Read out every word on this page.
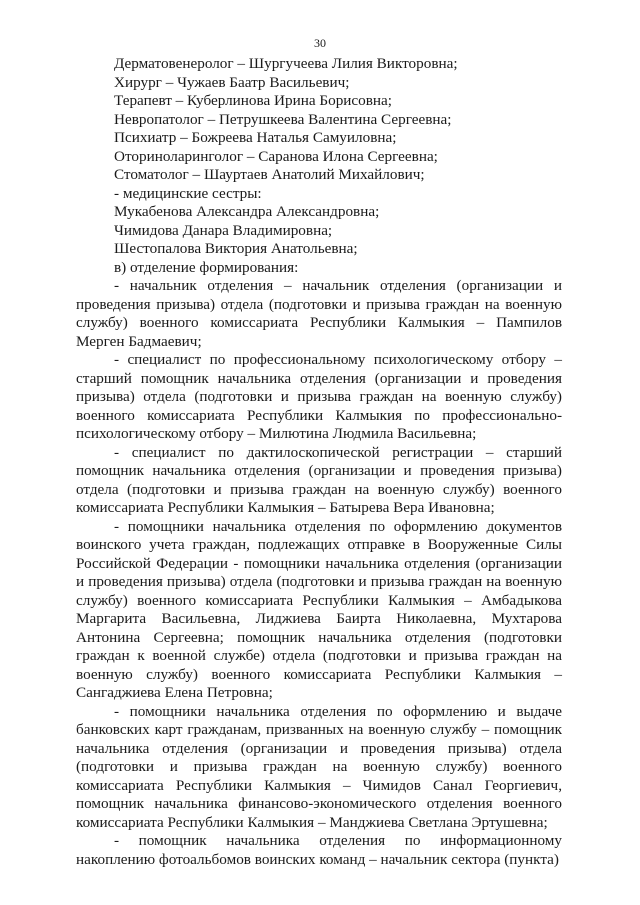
30

Дерматовенеролог – Шургучеева Лилия Викторовна;

Хирург – Чужаев Баатр Васильевич;

Терапевт – Куберлинова Ирина Борисовна;

Невропатолог – Петрушкеева Валентина Сергеевна;

Психиатр – Божреева Наталья Самуиловна;

Оториноларинголог – Саранова Илона Сергеевна;

Стоматолог – Шауртаев Анатолий Михайлович;

- медицинские сестры:

Мукабенова Александра Александровна;

Чимидова Данара Владимировна;

Шестопалова Виктория Анатольевна;

в) отделение формирования:

- начальник отделения – начальник отделения (организации и проведения призыва) отдела (подготовки и призыва граждан на военную службу) военного комиссариата Республики Калмыкия – Пампилов Мерген Бадмаевич;

- специалист по профессиональному психологическому отбору – старший помощник начальника отделения (организации и проведения призыва) отдела (подготовки и призыва граждан на военную службу) военного комиссариата Республики Калмыкия по профессионально-психологическому отбору – Милютина Людмила Васильевна;

- специалист по дактилоскопической регистрации – старший помощник начальника отделения (организации и проведения призыва) отдела (подготовки и призыва граждан на военную службу) военного комиссариата Республики Калмыкия – Батырева Вера Ивановна;

- помощники начальника отделения по оформлению документов воинского учета граждан, подлежащих отправке в Вооруженные Силы Российской Федерации - помощники начальника отделения (организации и проведения призыва) отдела (подготовки и призыва граждан на военную службу) военного комиссариата Республики Калмыкия – Амбадыкова Маргарита Васильевна, Лиджиева Баирта Николаевна, Мухтарова Антонина Сергеевна; помощник начальника отделения (подготовки граждан к военной службе) отдела (подготовки и призыва граждан на военную службу) военного комиссариата Республики Калмыкия – Сангаджиева Елена Петровна;

- помощники начальника отделения по оформлению и выдаче банковских карт гражданам, призванных на военную службу – помощник начальника отделения (организации и проведения призыва) отдела (подготовки и призыва граждан на военную службу) военного комиссариата Республики Калмыкия – Чимидов Санал Георгиевич, помощник начальника финансово-экономического отделения военного комиссариата Республики Калмыкия – Манджиева Светлана Эртушевна;

- помощник начальника отделения по информационному накоплению фотоальбомов воинских команд – начальник сектора (пункта)
